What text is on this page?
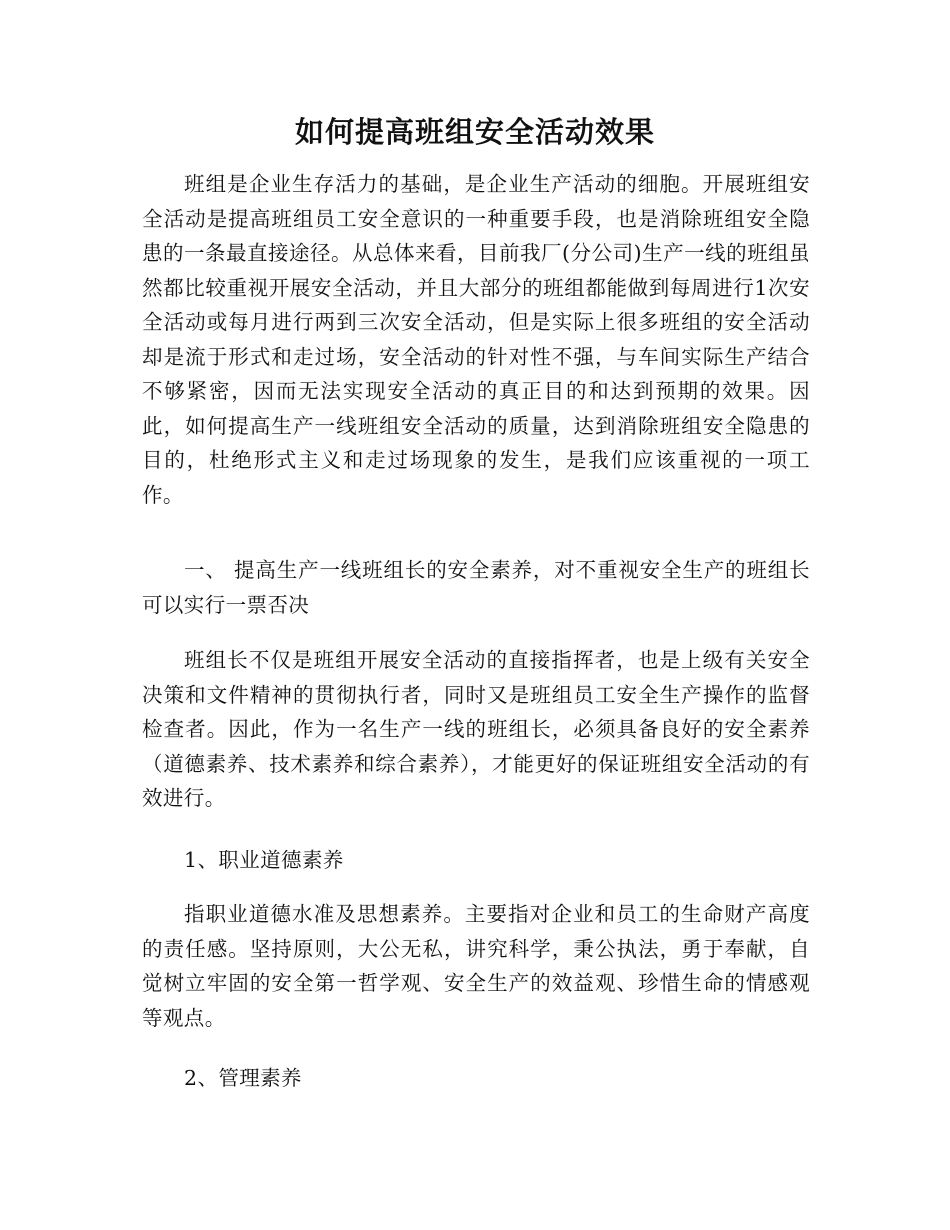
如何提高班组安全活动效果

班组是企业生存活力的基础，是企业生产活动的细胞。开展班组安全活动是提高班组员工安全意识的一种重要手段，也是消除班组安全隐患的一条最直接途径。从总体来看，目前我厂(分公司)生产一线的班组虽然都比较重视开展安全活动，并且大部分的班组都能做到每周进行1次安全活动或每月进行两到三次安全活动，但是实际上很多班组的安全活动却是流于形式和走过场，安全活动的针对性不强，与车间实际生产结合不够紧密，因而无法实现安全活动的真正目的和达到预期的效果。因此，如何提高生产一线班组安全活动的质量，达到消除班组安全隐患的目的，杜绝形式主义和走过场现象的发生，是我们应该重视的一项工作。

一、 提高生产一线班组长的安全素养，对不重视安全生产的班组长可以实行一票否决

班组长不仅是班组开展安全活动的直接指挥者，也是上级有关安全决策和文件精神的贯彻执行者，同时又是班组员工安全生产操作的监督检查者。因此，作为一名生产一线的班组长，必须具备良好的安全素养（道德素养、技术素养和综合素养），才能更好的保证班组安全活动的有效进行。

1、职业道德素养

指职业道德水准及思想素养。主要指对企业和员工的生命财产高度的责任感。坚持原则，大公无私，讲究科学，秉公执法，勇于奉献，自觉树立牢固的安全第一哲学观、安全生产的效益观、珍惜生命的情感观等观点。

2、管理素养
